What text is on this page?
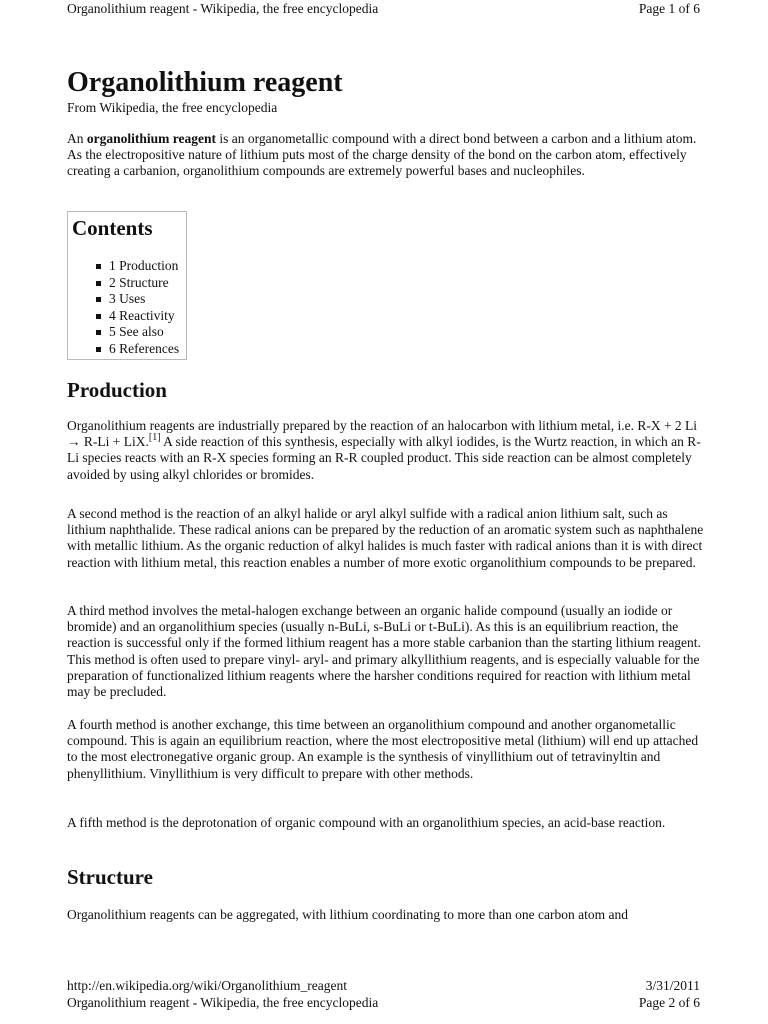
Organolithium reagent - Wikipedia, the free encyclopedia	Page 1 of 6
Organolithium reagent
From Wikipedia, the free encyclopedia

An organolithium reagent is an organometallic compound with a direct bond between a carbon and a lithium atom. As the electropositive nature of lithium puts most of the charge density of the bond on the carbon atom, effectively creating a carbanion, organolithium compounds are extremely powerful bases and nucleophiles.

Contents
1 Production
2 Structure
3 Uses
4 Reactivity
5 See also
6 References
Production

Organolithium reagents are industrially prepared by the reaction of an halocarbon with lithium metal, i.e. R-X + 2 Li → R-Li + LiX.[1] A side reaction of this synthesis, especially with alkyl iodides, is the Wurtz reaction, in which an R-Li species reacts with an R-X species forming an R-R coupled product. This side reaction can be almost completely avoided by using alkyl chlorides or bromides.

A second method is the reaction of an alkyl halide or aryl alkyl sulfide with a radical anion lithium salt, such as lithium naphthalide. These radical anions can be prepared by the reduction of an aromatic system such as naphthalene with metallic lithium. As the organic reduction of alkyl halides is much faster with radical anions than it is with direct reaction with lithium metal, this reaction enables a number of more exotic organolithium compounds to be prepared.

A third method involves the metal-halogen exchange between an organic halide compound (usually an iodide or bromide) and an organolithium species (usually n-BuLi, s-BuLi or t-BuLi). As this is an equilibrium reaction, the reaction is successful only if the formed lithium reagent has a more stable carbanion than the starting lithium reagent. This method is often used to prepare vinyl- aryl- and primary alkyllithium reagents, and is especially valuable for the preparation of functionalized lithium reagents where the harsher conditions required for reaction with lithium metal may be precluded.

A fourth method is another exchange, this time between an organolithium compound and another organometallic compound. This is again an equilibrium reaction, where the most electropositive metal (lithium) will end up attached to the most electronegative organic group. An example is the synthesis of vinyllithium out of tetravinyltin and phenyllithium. Vinyllithium is very difficult to prepare with other methods.

A fifth method is the deprotonation of organic compound with an organolithium species, an acid-base reaction.

Structure

Organolithium reagents can be aggregated, with lithium coordinating to more than one carbon atom and

http://en.wikipedia.org/wiki/Organolithium_reagent	3/31/2011
Organolithium reagent - Wikipedia, the free encyclopedia	Page 2 of 6
